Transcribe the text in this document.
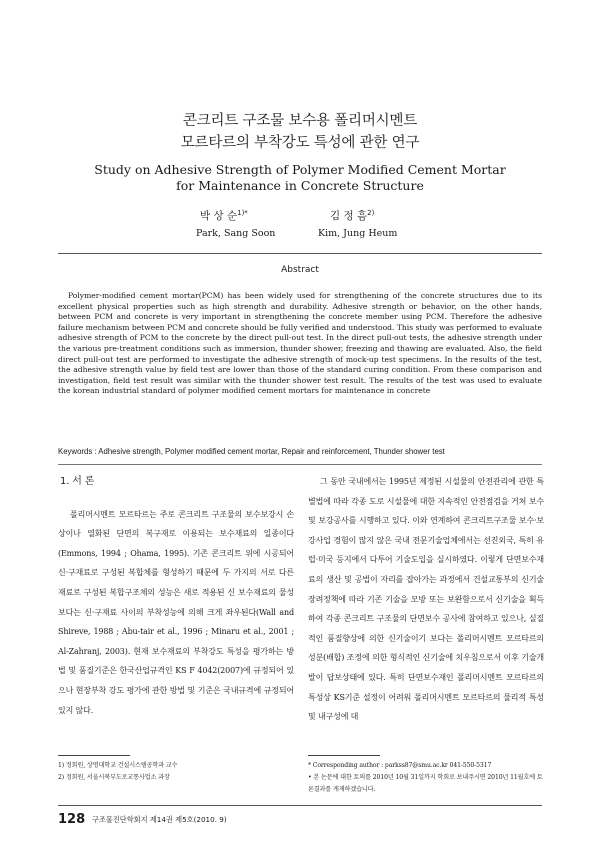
콘크리트 구조물 보수용 폴리머시멘트
모르타르의 부착강도 특성에 관한 연구
Study on Adhesive Strength of Polymer Modified Cement Mortar
for Maintenance in Concrete Structure
박 상 순$^{1)*}$	김 정 흠$^{2)}$
Park, Sang Soon	Kim, Jung Heum
Abstract
Polymer-modified cement mortar(PCM) has been widely used for strengthening of the concrete structures due to its excellent physical properties such as high strength and durability. Adhesive strength or behavior, on the other hands, between PCM and concrete is very important in strengthening the concrete member using PCM. Therefore the adhesive failure mechanism between PCM and concrete should be fully verified and understood. This study was performed to evaluate adhesive strength of PCM to the concrete by the direct pull-out test. In the direct pull-out tests, the adhesive strength under the various pre-treatment conditions such as immersion, thunder shower, freezing and thawing are evaluated. Also, the field direct pull-out test are performed to investigate the adhesive strength of mock-up test specimens. In the results of the test, the adhesive strength value by field test are lower than those of the standard curing condition. From these comparison and investigation, field test result was similar with the thunder shower test result. The results of the test was used to evaluate the korean industrial standard of polymer modified cement mortars for maintenance in concrete
Keywords : Adhesive strength, Polymer modified cement mortar, Repair and reinforcement, Thunder shower test
1. 서 론

폴리머시멘트 모르타르는 주로 콘크리트 구조물의 보수보강시 손상이나 열화된 단면의 복구재로 이용되는 보수재료의 일종이다(Emmons, 1994 ; Ohama, 1995). 기존 콘크리트 위에 시공되어 신·구재료로 구성된 복합체를 형성하기 때문에 두 가지의 서로 다른 재료로 구성된 복합구조체의 성능은 새로 적용된 신 보수재료의 물성보다는 신·구재료 사이의 부착성능에 의해 크게 좌우된다(Wall and Shireve, 1988 ; Abu-tair et al., 1996 ; Minaru et al., 2001 ; Al-Zahranj, 2003). 현재 보수재료의 부착강도 특성을 평가하는 방법 및 품질기준은 한국산업규격인 KS F 4042(2007)에 규정되어 있으나 현장부착 강도 평가에 관한 방법 및 기준은 국내규격에 규정되어 있지 않다.

그 동안 국내에서는 1995년 제정된 시설물의 안전관리에 관한 특별법에 따라 각종 도로 시설물에 대한 지속적인 안전점검을 거쳐 보수 및 보강공사를 시행하고 있다. 이와 연계하여 콘크리트구조물 보수·보강사업 경험이 많지 않은 국내 전문기술업체에서는 선진외국, 특히 유럽·미국 등지에서 다투어 기술도입을 실시하였다. 이렇게 단면보수재료의 생산 및 공법이 자리를 잡아가는 과정에서 건설교통부의 신기술 장려정책에 따라 기존 기술을 모방 또는 보완함으로서 신기술을 획득하여 각종 콘크리트 구조물의 단면보수 공사에 참여하고 있으나, 실질적인 품질향상에 의한 신기술이기 보다는 폴리머시멘트 모르타르의 성분(배합) 조정에 의한 형식적인 신기술에 치우침으로서 이후 기술개발이 답보상태에 있다. 특히 단면보수재인 폴리머시멘트 모르타르의 특성상 KS기준 설정이 어려워 폴리머시멘트 모르타르의 물리적 특성 및 내구성에 대

1) 정회원, 상명대학교 건설시스템공학과 교수
2) 정회원, 서울시북부도로교통사업소 과장
* Corresponding author : parkss87@smu.ac.kr 041-550-5317
• 본 논문에 대한 토의를 2010년 10월 31일까지 학회로 보내주시면 2010년 11월호에 토론결과를 게재하겠습니다.
128 구조물진단학회지 제14권 제5호(2010. 9)
